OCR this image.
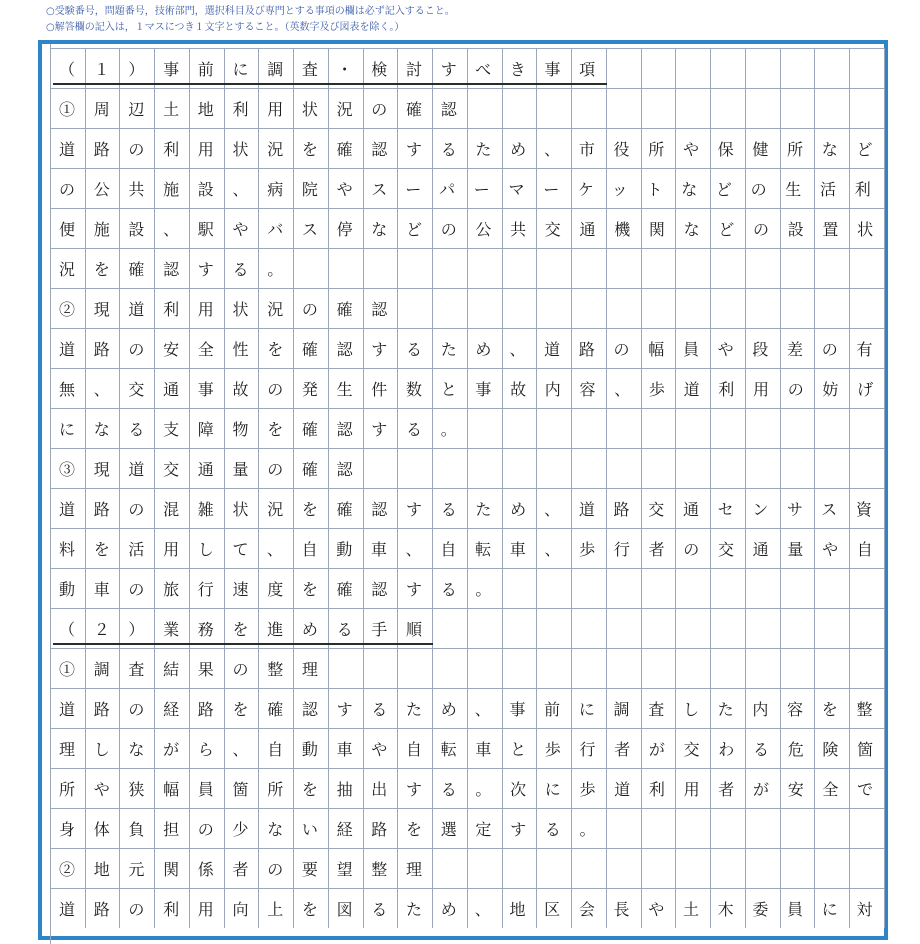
○受験番号，問題番号，技術部門，選択科目及び専門とする事項の欄は必ず記入すること。
○解答欄の記入は，１マスにつき１文字とすること。（英数字及び図表を除く。）
（１）事前に調査・検討すべき事項
①周辺土地利用状況の確認
道路の利用状況を確認するため、市役所や保健所など
の公共施設、病院やスーパーマーケットなどの生活利
便施設、駅やバス停などの公共交通機関などの設置状
況を確認する。
②現道利用状況の確認
道路の安全性を確認するため、道路の幅員や段差の有
無、交通事故の発生件数と事故内容、歩道利用の妨げ
になる支障物を確認する。
③現道交通量の確認
道路の混雑状況を確認するため、道路交通センサス資
料を活用して、自動車、自転車、歩行者の交通量や自
動車の旅行速度を確認する。
（２）業務を進める手順
①調査結果の整理
道路の経路を確認するため、事前に調査した内容を整
理しながら、自動車や自転車と歩行者が交わる危険箇
所や狭幅員箇所を抽出する。次に歩道利用者が安全で
身体負担の少ない経路を選定する。
②地元関係者の要望整理
道路の利用向上を図るため、地区会長や土木委員に対
